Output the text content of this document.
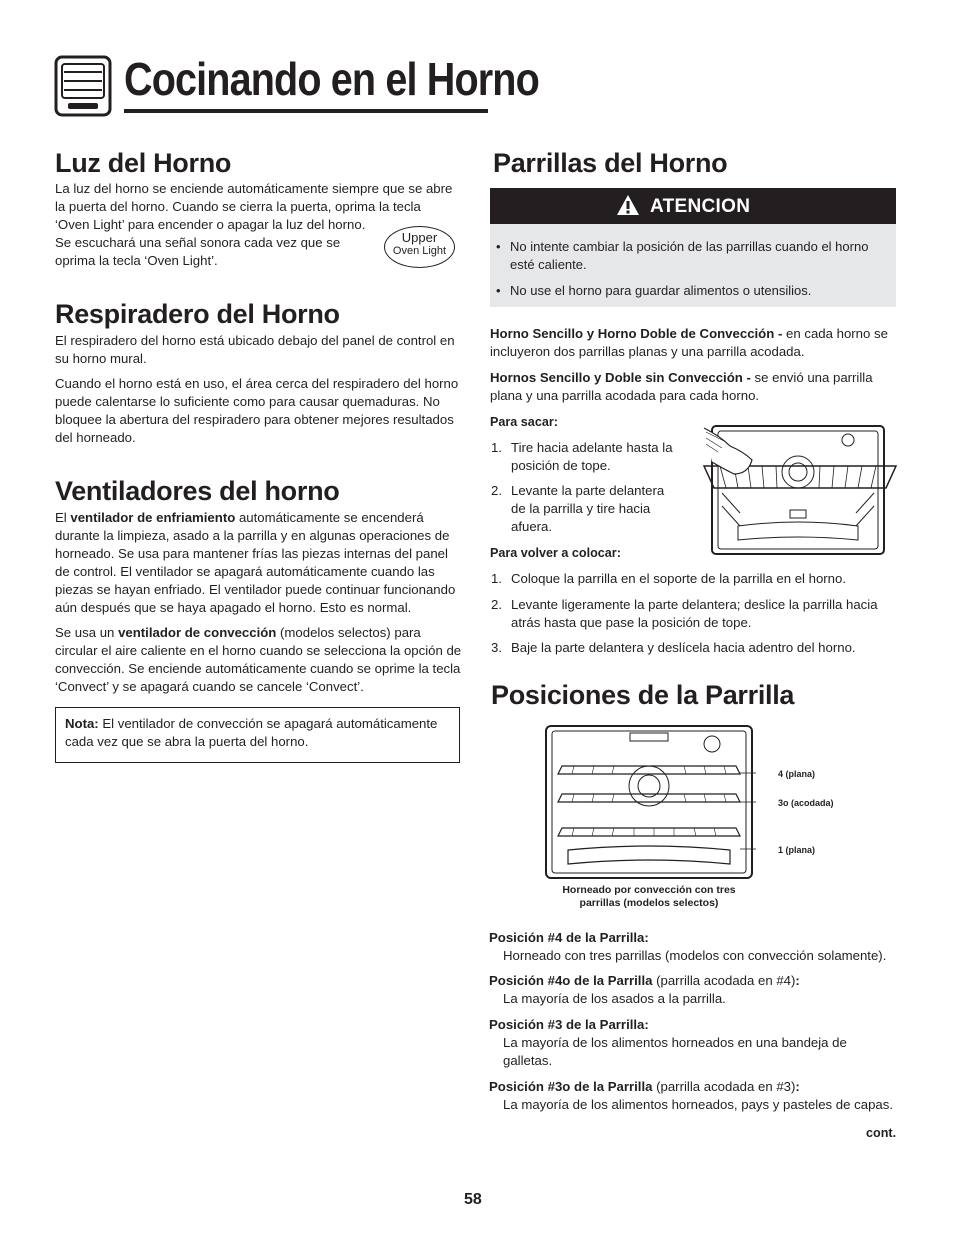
Cocinando en el Horno
Luz del Horno

La luz del horno se enciende automáticamente siempre que se abre

la puerta del horno. Cuando se cierra la puerta, oprima la tecla

‘Oven Light’ para encender o apagar la luz del horno.

Se escuchará una señal sonora cada vez que se

oprima la tecla ‘Oven Light’.

Upper
Oven Light
Respiradero del Horno

El respiradero del horno está ubicado debajo del panel de control en su horno mural.

Cuando el horno está en uso, el área cerca del respiradero del horno puede calentarse lo suficiente como para causar quemaduras. No bloquee la abertura del respiradero para obtener mejores resultados del horneado.

Ventiladores del horno

El ventilador de enfriamiento automáticamente se encenderá durante la limpieza, asado a la parrilla y en algunas operaciones de horneado. Se usa para mantener frías las piezas internas del panel de control. El ventilador se apagará automáticamente cuando las piezas se hayan enfriado. El ventilador puede continuar funcionando aún después que se haya apagado el horno. Esto es normal.

Se usa un ventilador de convección (modelos selectos) para circular el aire caliente en el horno cuando se selecciona la opción de convección. Se enciende automáticamente cuando se oprime la tecla ‘Convect’ y se apagará cuando se cancele ‘Convect’.

Nota: El ventilador de convección se apagará automáticamente cada vez que se abra la puerta del horno.
Parrillas del Horno
ATENCION
• No intente cambiar la posición de las parrillas cuando el horno esté caliente.
• No use el horno para guardar alimentos o utensilios.

Horno Sencillo y Horno Doble de Convección - en cada horno se incluyeron dos parrillas planas y una parrilla acodada.

Hornos Sencillo y Doble sin Convección - se envió una parrilla plana y una parrilla acodada para cada horno.

Para sacar:
1. Tire hacia adelante hasta la posición de tope.
2. Levante la parte delantera de la parrilla y tire hacia afuera.
Para volver a colocar:
1. Coloque la parrilla en el soporte de la parrilla en el horno.
2. Levante ligeramente la parte delantera; deslice la parrilla hacia atrás hasta que pase la posición de tope.
3. Baje la parte delantera y deslícela hacia adentro del horno.
Posiciones de la Parrilla
4 (plana)
3o (acodada)
1 (plana)
Horneado por convección con tres parrillas (modelos selectos)
Posición #4 de la Parrilla:
Horneado con tres parrillas (modelos con convección solamente).
Posición #4o de la Parrilla (parrilla acodada en #4):
La mayoría de los asados a la parrilla.
Posición #3 de la Parrilla:
La mayoría de los alimentos horneados en una bandeja de galletas.
Posición #3o de la Parrilla (parrilla acodada en #3):
La mayoría de los alimentos horneados, pays y pasteles de capas.
cont.
58
